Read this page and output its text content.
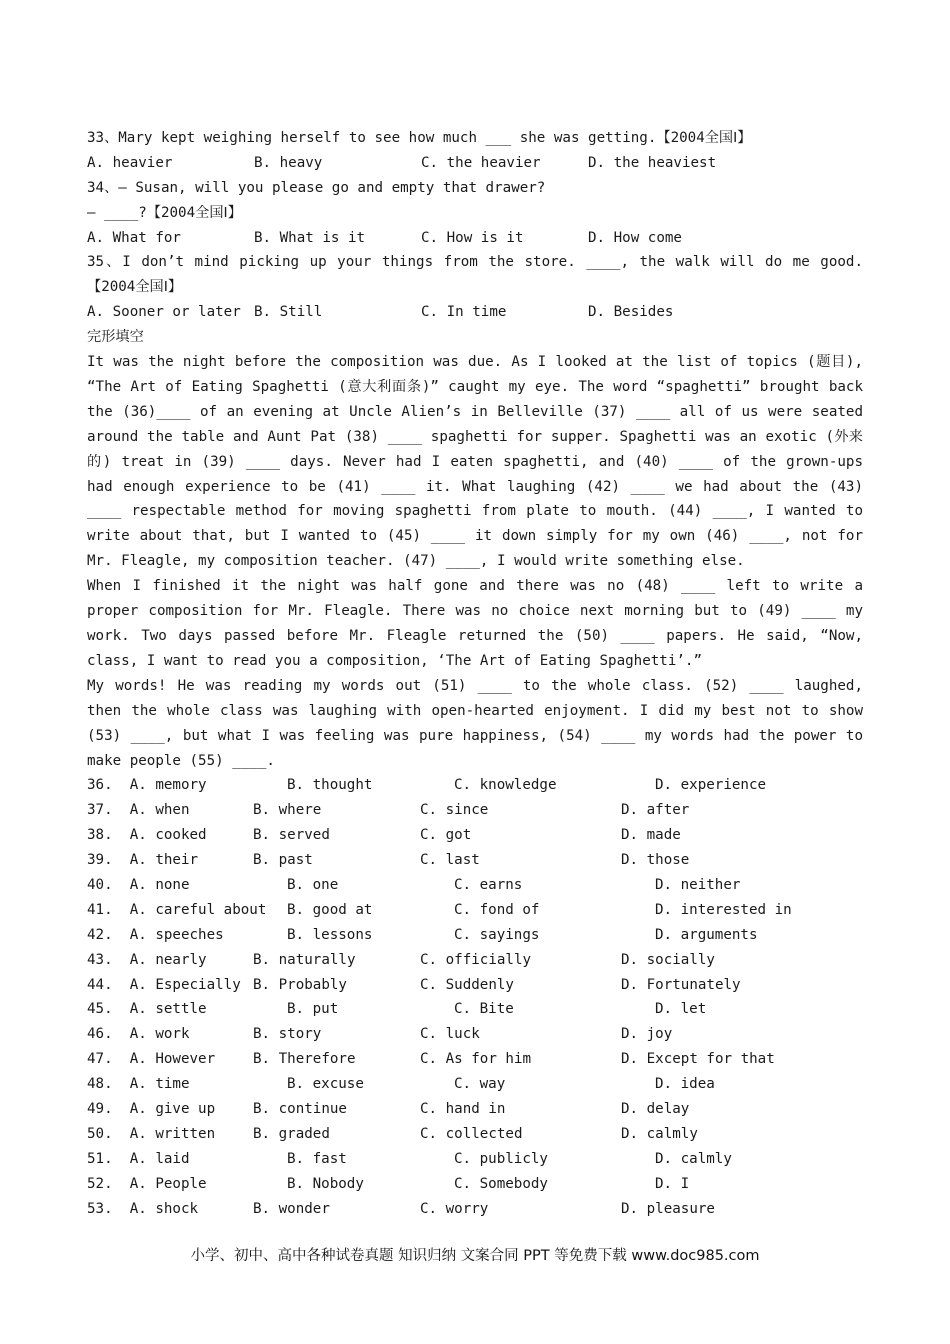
33、Mary kept weighing herself to see how much ___ she was getting.【2004全国Ⅰ】
A. heavier	B. heavy	C. the heavier	D. the heaviest
34、— Susan, will you please go and empty that drawer?
— ____?【2004全国Ⅰ】
A. What for	B. What is it	C. How is it	D. How come
35、I don’t mind picking up your things from the store. ____, the walk will do me good.【2004全国Ⅰ】
A. Sooner or later B. Still	C. In time	D. Besides
完形填空
It was the night before the composition was due. As I looked at the list of topics (题目), “The Art of Eating Spaghetti (意大利面条)” caught my eye. The word “spaghetti” brought back the (36)____ of an evening at Uncle Alien’s in Belleville (37) ____ all of us were seated around the table and Aunt Pat (38) ____ spaghetti for supper. Spaghetti was an exotic (外来的) treat in (39) ____ days. Never had I eaten spaghetti, and (40) ____ of the grown-ups had enough experience to be (41) ____ it. What laughing (42) ____ we had about the (43) ____ respectable method for moving spaghetti from plate to mouth. (44) ____, I wanted to write about that, but I wanted to (45) ____ it down simply for my own (46) ____, not for Mr. Fleagle, my composition teacher. (47) ____, I would write something else.
When I finished it the night was half gone and there was no (48) ____ left to write a proper composition for Mr. Fleagle. There was no choice next morning but to (49) ____ my work. Two days passed before Mr. Fleagle returned the (50) ____ papers. He said, “Now, class, I want to read you a composition, ‘The Art of Eating Spaghetti’.”
My words! He was reading my words out (51) ____ to the whole class. (52) ____ laughed, then the whole class was laughing with open-hearted enjoyment. I did my best not to show (53) ____, but what I was feeling was pure happiness, (54) ____ my words had the power to make people (55) ____.
36. A. memory	B. thought	C. knowledge	D. experience
37. A. when	B. where	C. since	D. after
38. A. cooked	B. served	C. got	D. made
39. A. their	B. past	C. last	D. those
40. A. none	B. one	C. earns	D. neither
41. A. careful about	B. good at	C. fond of	D. interested in
42. A. speeches	B. lessons	C. sayings	D. arguments
43. A. nearly	B. naturally	C. officially	D. socially
44. A. Especially B. Probably	C. Suddenly	D. Fortunately
45. A. settle	B. put	C. Bite	D. let
46. A. work	B. story	C. luck	D. joy
47. A. However	B. Therefore	C. As for him	D. Except for that
48. A. time	B. excuse	C. way	D. idea
49. A. give up	B. continue	C. hand in	D. delay
50. A. written	B. graded	C. collected	D. calmly
51. A. laid	B. fast	C. publicly	D. calmly
52. A. People	B. Nobody	C. Somebody	D. I
53. A. shock	B. wonder	C. worry	D. pleasure
小学、初中、高中各种试卷真题 知识归纳 文案合同 PPT 等免费下载 www.doc985.com
